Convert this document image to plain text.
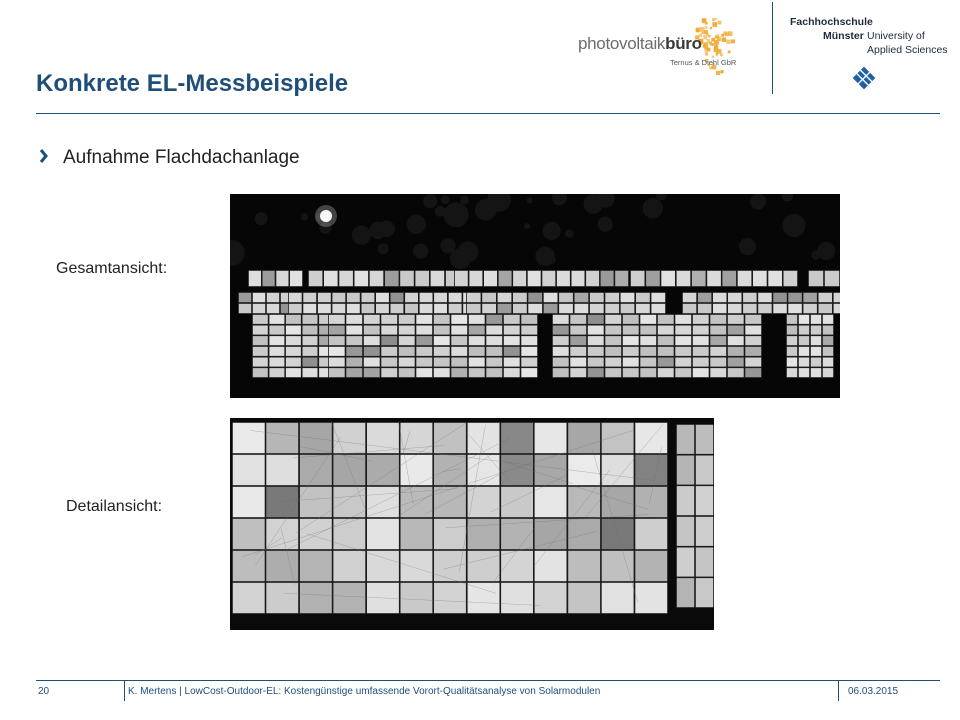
photovoltaikbüro
Ternus & Diehl GbR
Fachhochschule
Münster University of
Applied Sciences
Konkrete EL-Messbeispiele
Aufnahme Flachdachanlage
Gesamtansicht:
Detailansicht:
20	K. Mertens | LowCost-Outdoor-EL: Kostengünstige umfassende Vorort-Qualitätsanalyse von Solarmodulen	06.03.2015
